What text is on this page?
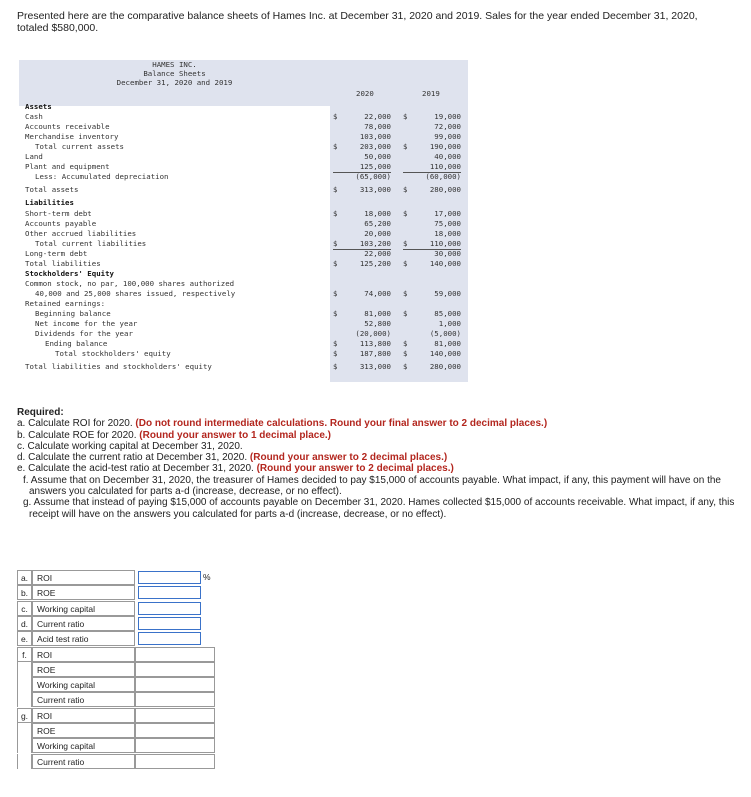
Presented here are the comparative balance sheets of Hames Inc. at December 31, 2020 and 2019. Sales for the year ended December 31, 2020, totaled $580,000.
HAMES INC.
Balance Sheets
December 31, 2020 and 2019
2020	2019
Assets
Cash	$	22,000 $	19,000
Accounts receivable	78,000	72,000
Merchandise inventory	103,000	99,000
Total current assets	$	203,000 $	190,000
Land	50,000	40,000
Plant and equipment	125,000	110,000
Less: Accumulated depreciation	(65,000)	(60,000)
Total assets	$	313,000 $	280,000
Liabilities
Short-term debt	$	18,000 $	17,000
Accounts payable	65,200	75,000
Other accrued liabilities	20,000	18,000
Total current liabilities	$	103,200 $	110,000
Long-term debt	22,000	30,000
Total liabilities	$	125,200 $	140,000
Stockholders' Equity
Common stock, no par, 100,000 shares authorized
40,000 and 25,000 shares issued, respectively	$	74,000 $	59,000
Retained earnings:
Beginning balance	$	81,000 $	85,000
Net income for the year	52,800	1,000
Dividends for the year	(20,000)	(5,000)
Ending balance	$	113,800 $	81,000
Total stockholders' equity	$	187,800 $	140,000
Total liabilities and stockholders' equity	$	313,000 $	280,000
Required:
a. Calculate ROI for 2020. (Do not round intermediate calculations. Round your final answer to 2 decimal places.)
b. Calculate ROE for 2020. (Round your answer to 1 decimal place.)
c. Calculate working capital at December 31, 2020.
d. Calculate the current ratio at December 31, 2020. (Round your answer to 2 decimal places.)
e. Calculate the acid-test ratio at December 31, 2020. (Round your answer to 2 decimal places.)
f. Assume that on December 31, 2020, the treasurer of Hames decided to pay $15,000 of accounts payable. What impact, if any, this payment will have on the answers you calculated for parts a-d (increase, decrease, or no effect).
g. Assume that instead of paying $15,000 of accounts payable on December 31, 2020. Hames collected $15,000 of accounts receivable. What impact, if any, this receipt will have on the answers you calculated for parts a-d (increase, decrease, or no effect).
a.	ROI	%
b.	ROE
c.	Working capital
d.	Current ratio
e.	Acid test ratio
f.	ROI
ROE
Working capital
Current ratio
g.	ROI
ROE
Working capital
Current ratio
